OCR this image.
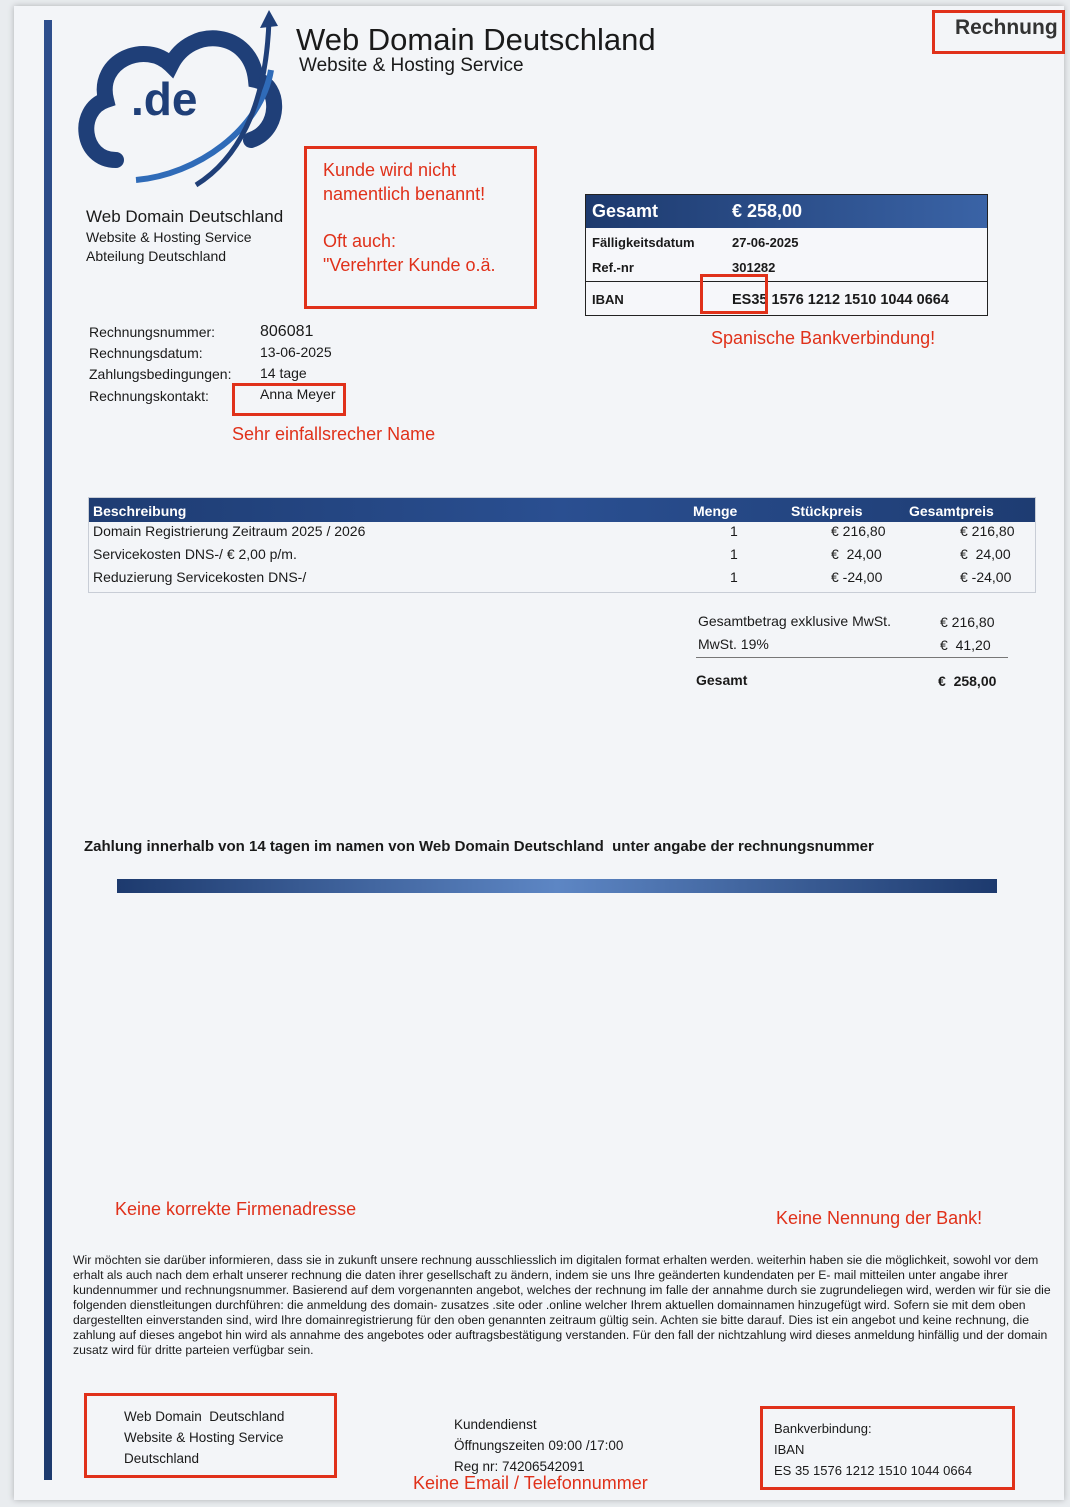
.de
Web Domain Deutschland
Website & Hosting Service
Rechnung
Web Domain Deutschland
Website & Hosting Service
Abteilung Deutschland
Kunde wird nicht namentlich benannt!
Oft auch:
"Verehrter Kunde o.ä.
Gesamt	€ 258,00
Fälligkeitsdatum	27-06-2025
Ref.-nr	301282
IBAN	ES35 1576 1212 1510 1044 0664
Spanische Bankverbindung!
Rechnungsnummer:	806081
Rechnungsdatum:	13-06-2025
Zahlungsbedingungen: 14 tage
Rechnungskontakt:	Anna Meyer
Sehr einfallsrecher Name
Beschreibung	Menge	Stückpreis	Gesamtpreis
Domain Registrierung Zeitraum 2025 / 2026	1	€ 216,80	€ 216,80
Servicekosten DNS-/ € 2,00 p/m.	1	€  24,00	€  24,00
Reduzierung Servicekosten DNS-/	1	€ -24,00	€ -24,00
Gesamtbetrag exklusive MwSt.	€ 216,80
MwSt. 19%	€  41,20
Gesamt	€  258,00
Zahlung innerhalb von 14 tagen im namen von Web Domain Deutschland  unter angabe der rechnungsnummer
Keine korrekte Firmenadresse	Keine Nennung der Bank!
Wir möchten sie darüber informieren, dass sie in zukunft unsere rechnung ausschliesslich im digitalen format erhalten werden. weiterhin haben sie die möglichkeit, sowohl vor dem erhalt als auch nach dem erhalt unserer rechnung die daten ihrer gesellschaft zu ändern, indem sie uns Ihre geänderten kundendaten per E- mail mitteilen unter angabe ihrer kundennummer und rechnungsnummer. Basierend auf dem vorgenannten angebot, welches der rechnung im falle der annahme durch sie zugrundeliegen wird, werden wir für sie die folgenden dienstleitungen durchführen: die anmeldung des domain- zusatzes .site oder .online welcher Ihrem aktuellen domainnamen hinzugefügt wird. Sofern sie mit dem oben dargestellten einverstanden sind, wird Ihre domainregistrierung für den oben genannten zeitraum gültig sein. Achten sie bitte darauf. Dies ist ein angebot und keine rechnung, die zahlung auf dieses angebot hin wird als annahme des angebotes oder auftragsbestätigung verstanden. Für den fall der nichtzahlung wird dieses anmeldung hinfällig und der domain zusatz wird für dritte parteien verfügbar sein.
Web Domain  Deutschland
Website & Hosting Service
Deutschland
Kundendienst
Öffnungszeiten 09:00 /17:00
Reg nr: 74206542091
Keine Email / Telefonnummer
Bankverbindung:
IBAN
ES 35 1576 1212 1510 1044 0664
